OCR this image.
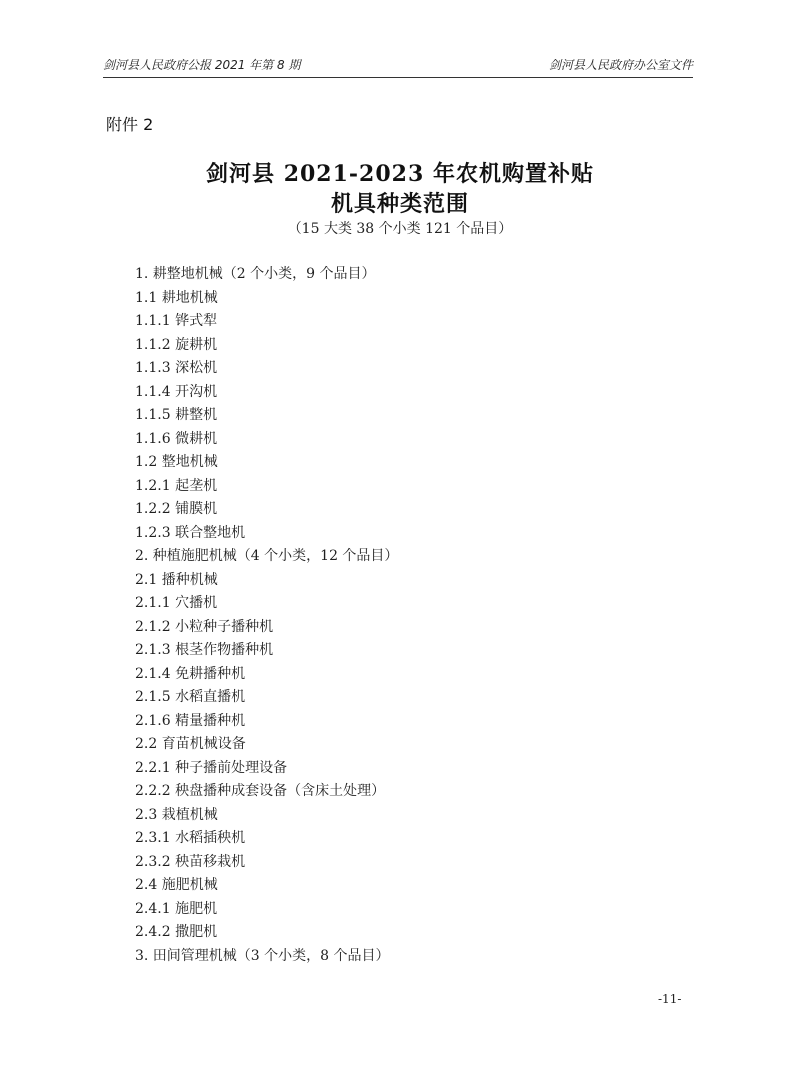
剑河县人民政府公报 2021 年第 8 期	剑河县人民政府办公室文件
附件 2
剑河县 2021-2023 年农机购置补贴
机具种类范围
（15 大类 38 个小类 121 个品目）
1. 耕整地机械（2 个小类，9 个品目）
1.1 耕地机械
1.1.1 铧式犁
1.1.2 旋耕机
1.1.3 深松机
1.1.4 开沟机
1.1.5 耕整机
1.1.6 微耕机
1.2 整地机械
1.2.1 起垄机
1.2.2 铺膜机
1.2.3 联合整地机
2. 种植施肥机械（4 个小类，12 个品目）
2.1 播种机械
2.1.1 穴播机
2.1.2 小粒种子播种机
2.1.3 根茎作物播种机
2.1.4 免耕播种机
2.1.5 水稻直播机
2.1.6 精量播种机
2.2 育苗机械设备
2.2.1 种子播前处理设备
2.2.2 秧盘播种成套设备（含床土处理）
2.3 栽植机械
2.3.1 水稻插秧机
2.3.2 秧苗移栽机
2.4 施肥机械
2.4.1 施肥机
2.4.2 撒肥机
3. 田间管理机械（3 个小类，8 个品目）
-11-
